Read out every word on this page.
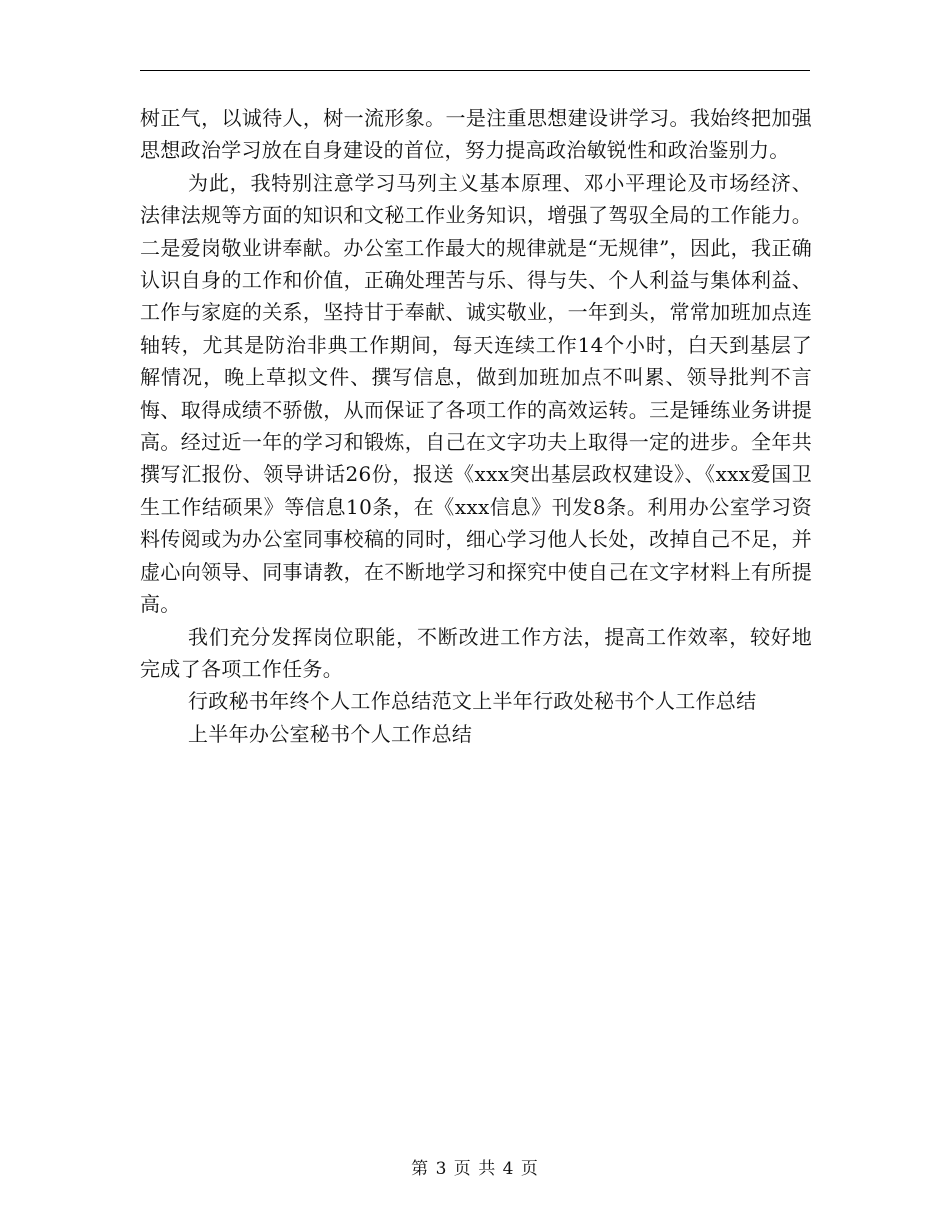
树正气，以诚待人，树一流形象。一是注重思想建设讲学习。我始终把加强思想政治学习放在自身建设的首位，努力提高政治敏锐性和政治鉴别力。

为此，我特别注意学习马列主义基本原理、邓小平理论及市场经济、法律法规等方面的知识和文秘工作业务知识，增强了驾驭全局的工作能力。二是爱岗敬业讲奉献。办公室工作最大的规律就是“无规律”，因此，我正确认识自身的工作和价值，正确处理苦与乐、得与失、个人利益与集体利益、工作与家庭的关系，坚持甘于奉献、诚实敬业，一年到头，常常加班加点连轴转，尤其是防治非典工作期间，每天连续工作14个小时，白天到基层了解情况，晚上草拟文件、撰写信息，做到加班加点不叫累、领导批判不言悔、取得成绩不骄傲，从而保证了各项工作的高效运转。三是锤练业务讲提高。经过近一年的学习和锻炼，自己在文字功夫上取得一定的进步。全年共撰写汇报份、领导讲话26份，报送《xxx突出基层政权建设》、《xxx爱国卫生工作结硕果》等信息10条，在《xxx信息》刊发8条。利用办公室学习资料传阅或为办公室同事校稿的同时，细心学习他人长处，改掉自己不足，并虚心向领导、同事请教，在不断地学习和探究中使自己在文字材料上有所提高。

我们充分发挥岗位职能，不断改进工作方法，提高工作效率，较好地完成了各项工作任务。

行政秘书年终个人工作总结范文上半年行政处秘书个人工作总结

上半年办公室秘书个人工作总结

第 3 页 共 4 页
